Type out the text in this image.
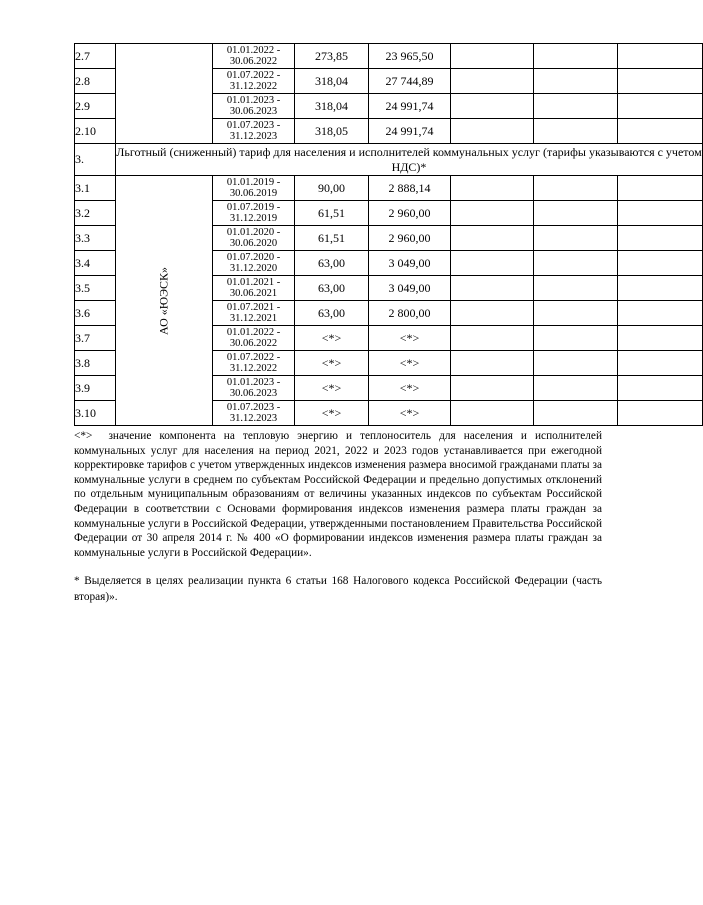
2.7		01.01.2022 -
30.06.2022	273,85	23 965,50			
2.8		01.07.2022 -
31.12.2022	318,04	27 744,89			
2.9		01.01.2023 -
30.06.2023	318,04	24 991,74			
2.10		01.07.2023 -
31.12.2023	318,05	24 991,74			
3.	Льготный (сниженный) тариф для населения и исполнителей коммунальных услуг (тарифы указываются с учетом НДС)*						
3.1	АО «ЮЭСК»	01.01.2019 -
30.06.2019	90,00	2 888,14			
3.2		01.07.2019 -
31.12.2019	61,51	2 960,00			
3.3		01.01.2020 -
30.06.2020	61,51	2 960,00			
3.4		01.07.2020 -
31.12.2020	63,00	3 049,00			
3.5		01.01.2021 -
30.06.2021	63,00	3 049,00			
3.6		01.07.2021 -
31.12.2021	63,00	2 800,00			
3.7		01.01.2022 -
30.06.2022	<*>	<*>			
3.8		01.07.2022 -
31.12.2022	<*>	<*>			
3.9		01.01.2023 -
30.06.2023	<*>	<*>			
3.10		01.07.2023 -
31.12.2023	<*>	<*>			
<*> значение компонента на тепловую энергию и теплоноситель для населения и исполнителей коммунальных услуг для населения на период 2021, 2022 и 2023 годов устанавливается при ежегодной корректировке тарифов с учетом утвержденных индексов изменения размера вносимой гражданами платы за коммунальные услуги в среднем по субъектам Российской Федерации и предельно допустимых отклонений по отдельным муниципальным образованиям от величины указанных индексов по субъектам Российской Федерации в соответствии с Основами формирования индексов изменения размера платы граждан за коммунальные услуги в Российской Федерации, утвержденными постановлением Правительства Российской Федерации от 30 апреля 2014 г. № 400 «О формировании индексов изменения размера платы граждан за коммунальные услуги в Российской Федерации».
* Выделяется в целях реализации пункта 6 статьи 168 Налогового кодекса Российской Федерации (часть вторая)».
